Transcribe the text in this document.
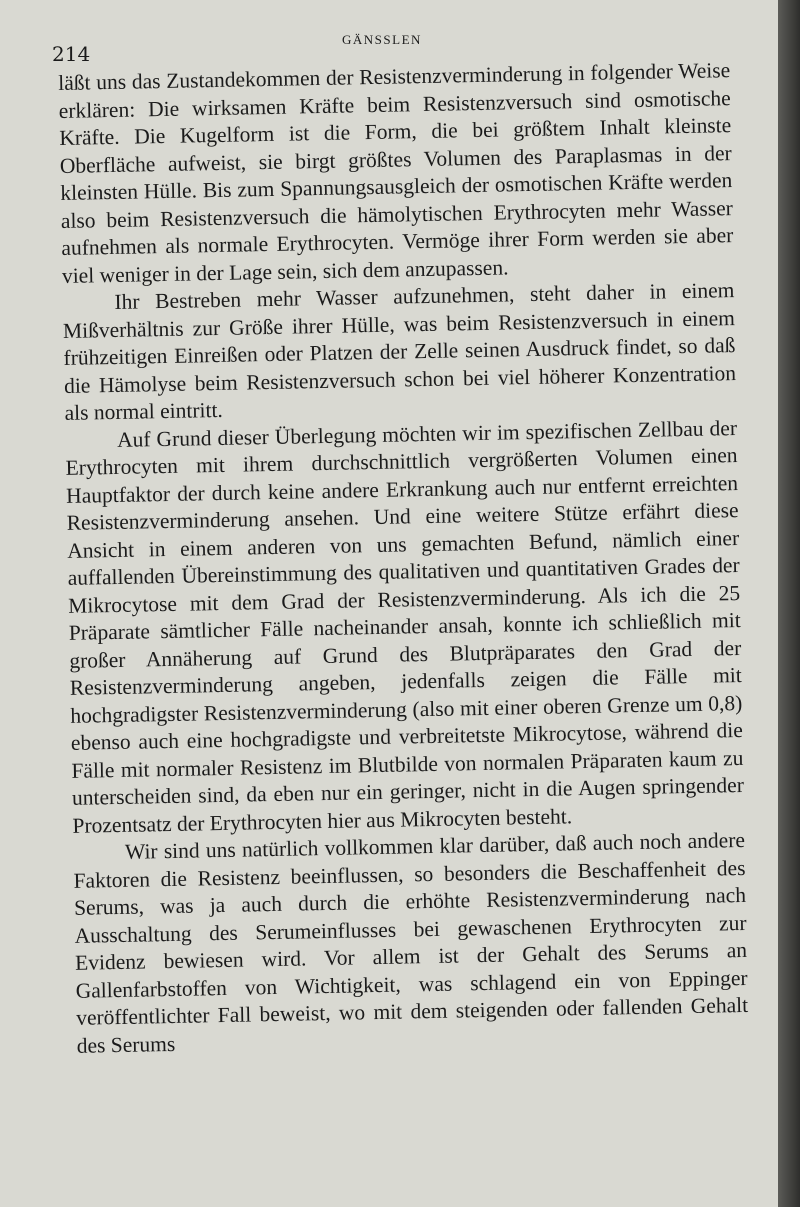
214
GÄNSSLEN

läßt uns das Zustandekommen der Resistenzverminderung in folgender Weise erklären: Die wirksamen Kräfte beim Resistenzversuch sind osmotische Kräfte. Die Kugelform ist die Form, die bei größtem Inhalt kleinste Oberfläche aufweist, sie birgt größtes Volumen des Paraplasmas in der kleinsten Hülle. Bis zum Spannungsausgleich der osmotischen Kräfte werden also beim Resistenzversuch die hämolytischen Erythrocyten mehr Wasser aufnehmen als normale Erythrocyten. Vermöge ihrer Form werden sie aber viel weniger in der Lage sein, sich dem anzupassen.

Ihr Bestreben mehr Wasser aufzunehmen, steht daher in einem Mißverhältnis zur Größe ihrer Hülle, was beim Resistenzversuch in einem frühzeitigen Einreißen oder Platzen der Zelle seinen Ausdruck findet, so daß die Hämolyse beim Resistenzversuch schon bei viel höherer Konzentration als normal eintritt.

Auf Grund dieser Überlegung möchten wir im spezifischen Zellbau der Erythrocyten mit ihrem durchschnittlich vergrößerten Volumen einen Hauptfaktor der durch keine andere Erkrankung auch nur entfernt erreichten Resistenzverminderung ansehen. Und eine weitere Stütze erfährt diese Ansicht in einem anderen von uns gemachten Befund, nämlich einer auffallenden Übereinstimmung des qualitativen und quantitativen Grades der Mikrocytose mit dem Grad der Resistenzverminderung. Als ich die 25 Präparate sämtlicher Fälle nacheinander ansah, konnte ich schließlich mit großer Annäherung auf Grund des Blutpräparates den Grad der Resistenzverminderung angeben, jedenfalls zeigen die Fälle mit hochgradigster Resistenzverminderung (also mit einer oberen Grenze um 0,8) ebenso auch eine hochgradigste und verbreitetste Mikrocytose, während die Fälle mit normaler Resistenz im Blutbilde von normalen Präparaten kaum zu unterscheiden sind, da eben nur ein geringer, nicht in die Augen springender Prozentsatz der Erythrocyten hier aus Mikrocyten besteht.

Wir sind uns natürlich vollkommen klar darüber, daß auch noch andere Faktoren die Resistenz beeinflussen, so besonders die Beschaffenheit des Serums, was ja auch durch die erhöhte Resistenzverminderung nach Ausschaltung des Serumeinflusses bei gewaschenen Erythrocyten zur Evidenz bewiesen wird. Vor allem ist der Gehalt des Serums an Gallenfarbstoffen von Wichtigkeit, was schlagend ein von Eppinger veröffentlichter Fall beweist, wo mit dem steigenden oder fallenden Gehalt des Serums
